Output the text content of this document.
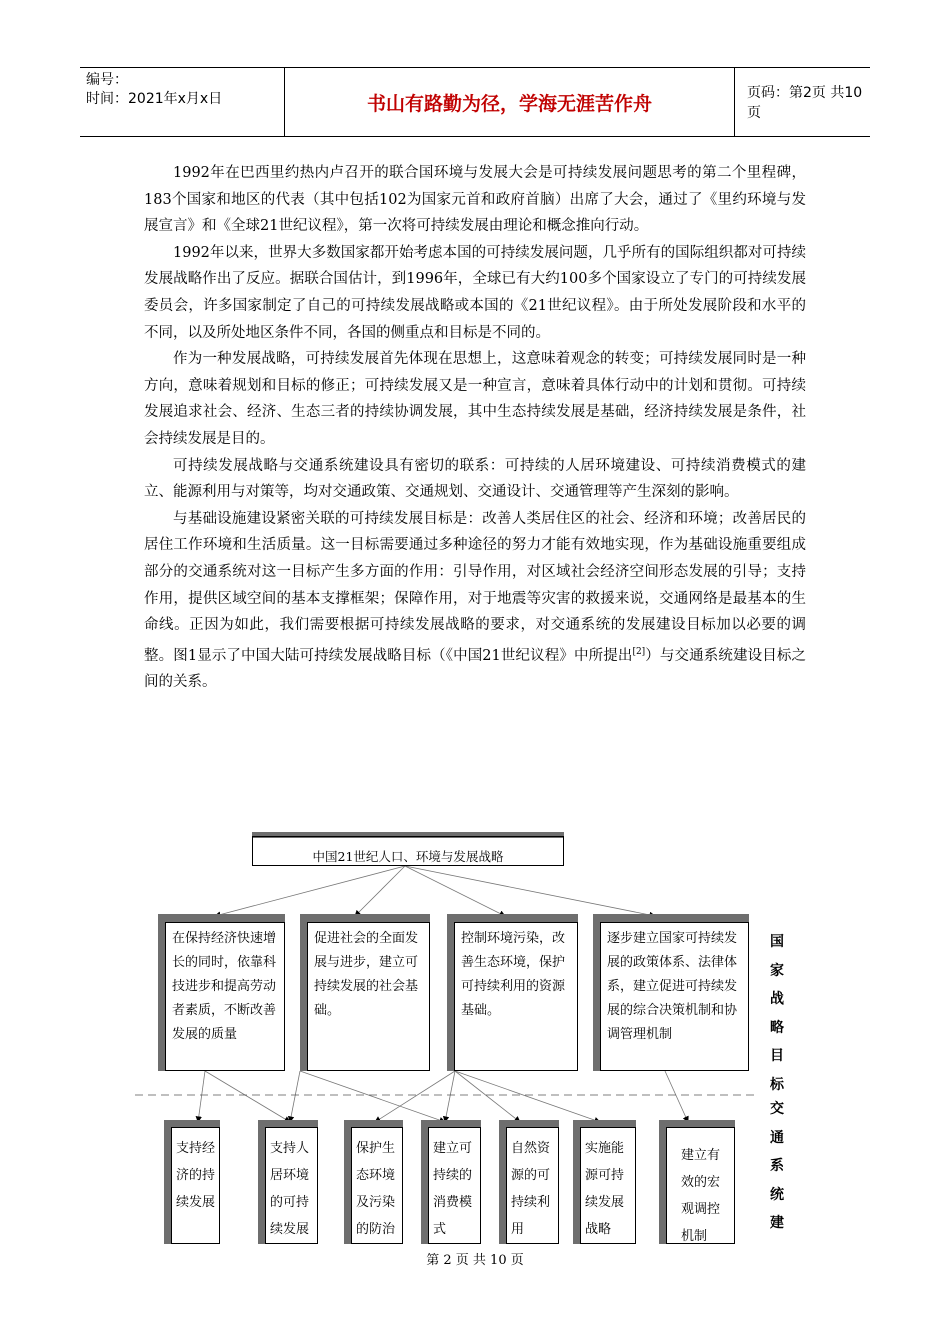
编号：
时间：2021年x月x日	书山有路勤为径，学海无涯苦作舟	页码：第2页 共10页

1992年在巴西里约热内卢召开的联合国环境与发展大会是可持续发展问题思考的第二个里程碑，183个国家和地区的代表（其中包括102为国家元首和政府首脑）出席了大会，通过了《里约环境与发展宣言》和《全球21世纪议程》，第一次将可持续发展由理论和概念推向行动。

1992年以来，世界大多数国家都开始考虑本国的可持续发展问题，几乎所有的国际组织都对可持续发展战略作出了反应。据联合国估计，到1996年，全球已有大约100多个国家设立了专门的可持续发展委员会，许多国家制定了自己的可持续发展战略或本国的《21世纪议程》。由于所处发展阶段和水平的不同，以及所处地区条件不同，各国的侧重点和目标是不同的。

作为一种发展战略，可持续发展首先体现在思想上，这意味着观念的转变；可持续发展同时是一种方向，意味着规划和目标的修正；可持续发展又是一种宣言，意味着具体行动中的计划和贯彻。可持续发展追求社会、经济、生态三者的持续协调发展，其中生态持续发展是基础，经济持续发展是条件，社会持续发展是目的。

可持续发展战略与交通系统建设具有密切的联系：可持续的人居环境建设、可持续消费模式的建立、能源利用与对策等，均对交通政策、交通规划、交通设计、交通管理等产生深刻的影响。

与基础设施建设紧密关联的可持续发展目标是：改善人类居住区的社会、经济和环境；改善居民的居住工作环境和生活质量。这一目标需要通过多种途径的努力才能有效地实现，作为基础设施重要组成部分的交通系统对这一目标产生多方面的作用：引导作用，对区域社会经济空间形态发展的引导；支持作用，提供区域空间的基本支撑框架；保障作用，对于地震等灾害的救援来说，交通网络是最基本的生命线。正因为如此，我们需要根据可持续发展战略的要求，对交通系统的发展建设目标加以必要的调整。图1显示了中国大陆可持续发展战略目标（《中国21世纪议程》中所提出[2]）与交通系统建设目标之间的关系。

中国21世纪人口、环境与发展战略
在保持经济快速增长的同时，依靠科技进步和提高劳动者素质，不断改善发展的质量
促进社会的全面发展与进步，建立可持续发展的社会基础。
控制环境污染，改善生态环境，保护可持续利用的资源基础。
逐步建立国家可持续发展的政策体系、法律体系，建立促进可持续发展的综合决策机制和协调管理机制
支持经济的持续发展
支持人居环境的可持续发展
保护生态环境及污染的防治
建立可持续的消费模式
自然资源的可持续利用
实施能源可持续发展战略
建立有效的宏观调控机制
国家战略目标
交通系统建
第 2 页 共 10 页
